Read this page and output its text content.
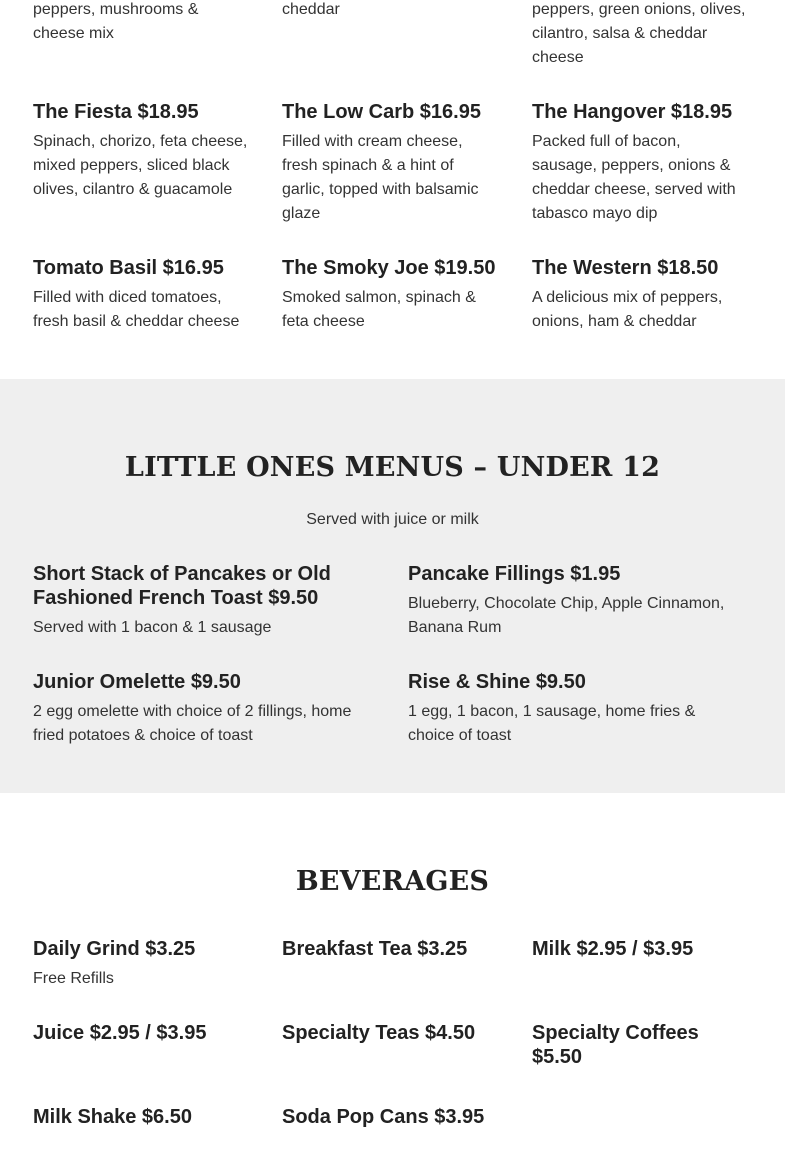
peppers, mushrooms &
cheese mix
cheddar	peppers, green onions, olives,
cilantro, salsa & cheddar
cheese
The Fiesta $18.95
Spinach, chorizo, feta cheese,
mixed peppers, sliced black
olives, cilantro & guacamole
The Low Carb $16.95
Filled with cream cheese,
fresh spinach & a hint of
garlic, topped with balsamic
glaze
The Hangover $18.95
Packed full of bacon,
sausage, peppers, onions &
cheddar cheese, served with
tabasco mayo dip
Tomato Basil $16.95
Filled with diced tomatoes,
fresh basil & cheddar cheese
The Smoky Joe $19.50
Smoked salmon, spinach &
feta cheese
The Western $18.50
A delicious mix of peppers,
onions, ham & cheddar
LITTLE ONES MENUS – UNDER 12
Served with juice or milk
Short Stack of Pancakes or Old
Fashioned French Toast $9.50
Served with 1 bacon & 1 sausage
Pancake Fillings $1.95
Blueberry, Chocolate Chip, Apple Cinnamon,
Banana Rum
Junior Omelette $9.50
2 egg omelette with choice of 2 fillings, home
fried potatoes & choice of toast
Rise & Shine $9.50
1 egg, 1 bacon, 1 sausage, home fries &
choice of toast
BEVERAGES
Daily Grind $3.25
Free Refills
Breakfast Tea $3.25	Milk $2.95 / $3.95
Juice $2.95 / $3.95	Specialty Teas $4.50	Specialty Coffees
$5.50
Milk Shake $6.50	Soda Pop Cans $3.95
